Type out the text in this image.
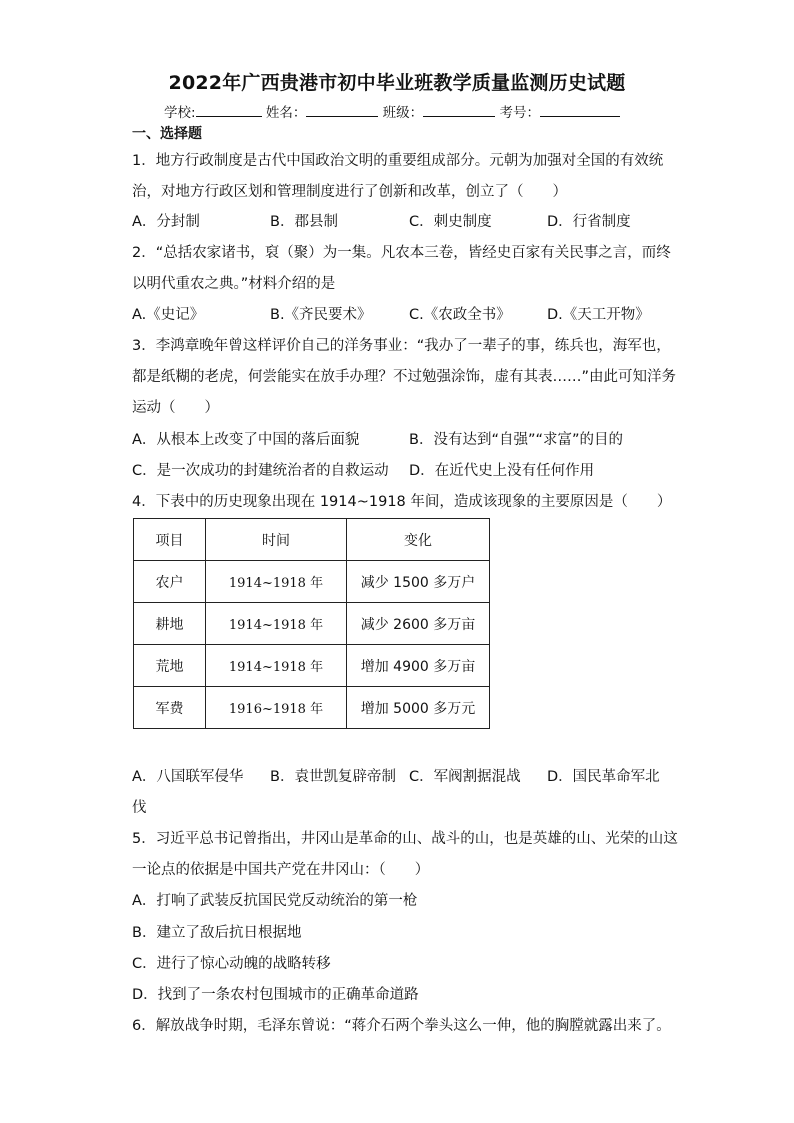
2022年广西贵港市初中毕业班教学质量监测历史试题
学校:	姓名：	班级：	考号：
一、选择题
1．地方行政制度是古代中国政治文明的重要组成部分。元朝为加强对全国的有效统
治，对地方行政区划和管理制度进行了创新和改革，创立了（　　）
A．分封制	B．郡县制	C．刺史制度	D．行省制度
2．“总括农家诸书，裒（聚）为一集。凡农本三卷，皆经史百家有关民事之言，而终
以明代重农之典。”材料介绍的是
A.《史记》	B.《齐民要术》	C.《农政全书》	D.《天工开物》
3．李鸿章晚年曾这样评价自己的洋务事业：“我办了一辈子的事，练兵也，海军也，
都是纸糊的老虎，何尝能实在放手办理？不过勉强涂饰，虚有其表……”由此可知洋务
运动（　　）
A．从根本上改变了中国的落后面貌	B．没有达到“自强”“求富”的目的
C．是一次成功的封建统治者的自救运动 D．在近代史上没有任何作用
4．下表中的历史现象出现在 1914~1918 年间，造成该现象的主要原因是（　　）
项目	时间	变化
农户	1914~1918 年	减少 1500 多万户
耕地	1914~1918 年	减少 2600 多万亩
荒地	1914~1918 年	增加 4900 多万亩
军费	1916~1918 年	增加 5000 多万元
A．八国联军侵华 B．袁世凯复辟帝制 C．军阀割据混战 D．国民革命军北
伐
5．习近平总书记曾指出，井冈山是革命的山、战斗的山，也是英雄的山、光荣的山这
一论点的依据是中国共产党在井冈山：（　　）
A．打响了武装反抗国民党反动统治的第一枪
B．建立了敌后抗日根据地
C．进行了惊心动魄的战略转移
D．找到了一条农村包围城市的正确革命道路
6．解放战争时期，毛泽东曾说：“蒋介石两个拳头这么一伸，他的胸膛就露出来了。
